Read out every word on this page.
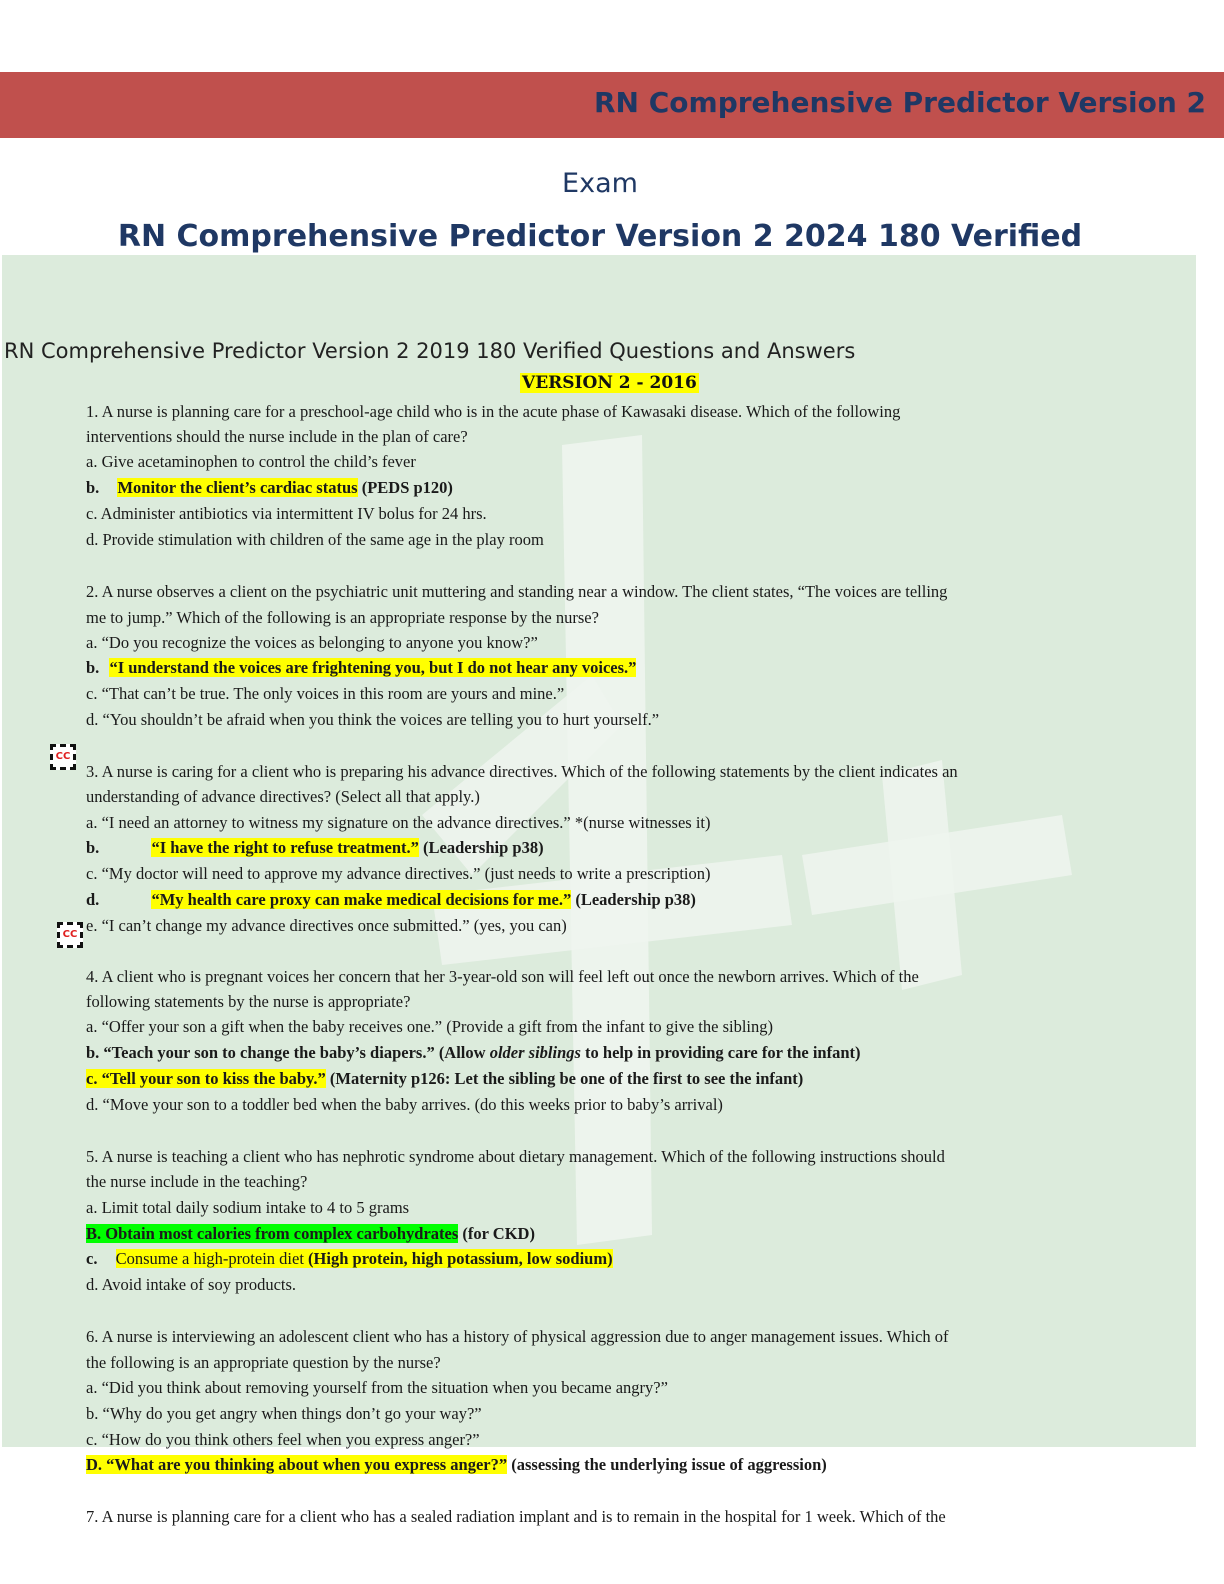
RN Comprehensive Predictor Version 2
Exam
RN Comprehensive Predictor Version 2 2024 180 Verified
RN Comprehensive Predictor Version 2 2019 180 Verified Questions and Answers
VERSION 2 - 2016
1. A nurse is planning care for a preschool-age child who is in the acute phase of Kawasaki disease. Which of the following
interventions should the nurse include in the plan of care?
a. Give acetaminophen to control the child’s fever
b. Monitor the client’s cardiac status (PEDS p120)
c. Administer antibiotics via intermittent IV bolus for 24 hrs.
d. Provide stimulation with children of the same age in the play room
2. A nurse observes a client on the psychiatric unit muttering and standing near a window. The client states, “The voices are telling
me to jump.” Which of the following is an appropriate response by the nurse?
a. “Do you recognize the voices as belonging to anyone you know?”
b. “I understand the voices are frightening you, but I do not hear any voices.”
c. “That can’t be true. The only voices in this room are yours and mine.”
d. “You shouldn’t be afraid when you think the voices are telling you to hurt yourself.”
CC
3. A nurse is caring for a client who is preparing his advance directives. Which of the following statements by the client indicates an
understanding of advance directives? (Select all that apply.)
a. “I need an attorney to witness my signature on the advance directives.” *(nurse witnesses it)
b.	“I have the right to refuse treatment.” (Leadership p38)
c. “My doctor will need to approve my advance directives.” (just needs to write a prescription)
d.	“My health care proxy can make medical decisions for me.” (Leadership p38)
e. “I can’t change my advance directives once submitted.” (yes, you can)
CC
4. A client who is pregnant voices her concern that her 3-year-old son will feel left out once the newborn arrives. Which of the
following statements by the nurse is appropriate?
a. “Offer your son a gift when the baby receives one.” (Provide a gift from the infant to give the sibling)
b. “Teach your son to change the baby’s diapers.” (Allow older siblings to help in providing care for the infant)
c. “Tell your son to kiss the baby.” (Maternity p126: Let the sibling be one of the first to see the infant)
d. “Move your son to a toddler bed when the baby arrives. (do this weeks prior to baby’s arrival)
5. A nurse is teaching a client who has nephrotic syndrome about dietary management. Which of the following instructions should
the nurse include in the teaching?
a. Limit total daily sodium intake to 4 to 5 grams
B. Obtain most calories from complex carbohydrates (for CKD)
c. Consume a high-protein diet (High protein, high potassium, low sodium)
d. Avoid intake of soy products.
6. A nurse is interviewing an adolescent client who has a history of physical aggression due to anger management issues. Which of
the following is an appropriate question by the nurse?
a. “Did you think about removing yourself from the situation when you became angry?”
b. “Why do you get angry when things don’t go your way?”
c. “How do you think others feel when you express anger?”
D. “What are you thinking about when you express anger?” (assessing the underlying issue of aggression)
7. A nurse is planning care for a client who has a sealed radiation implant and is to remain in the hospital for 1 week. Which of the
